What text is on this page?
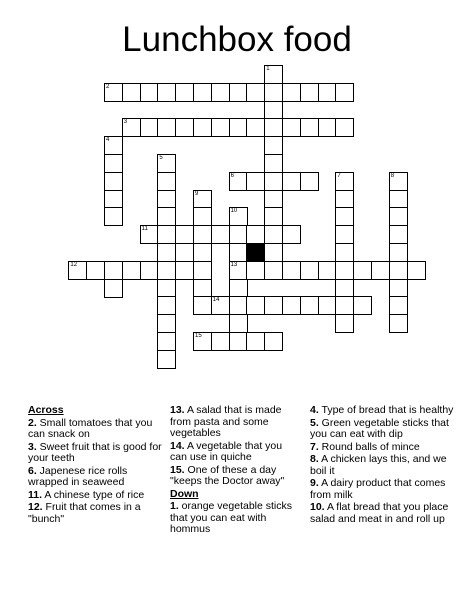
Lunchbox food
1
2
3
4
5
6	7	8
9
10
11
12	13
14
15
Across
2. Small tomatoes that you can snack on
3. Sweet fruit that is good for your teeth
6. Japenese rice rolls wrapped in seaweed
11. A chinese type of rice
12. Fruit that comes in a "bunch"
13. A salad that is made from pasta and some vegetables
14. A vegetable that you can use in quiche
15. One of these a day "keeps the Doctor away"
Down
1. orange vegetable sticks that you can eat with hommus
4. Type of bread that is healthy
5. Green vegetable sticks that you can eat with dip
7. Round balls of mince
8. A chicken lays this, and we boil it
9. A dairy product that comes from milk
10. A flat bread that you place salad and meat in and roll up
